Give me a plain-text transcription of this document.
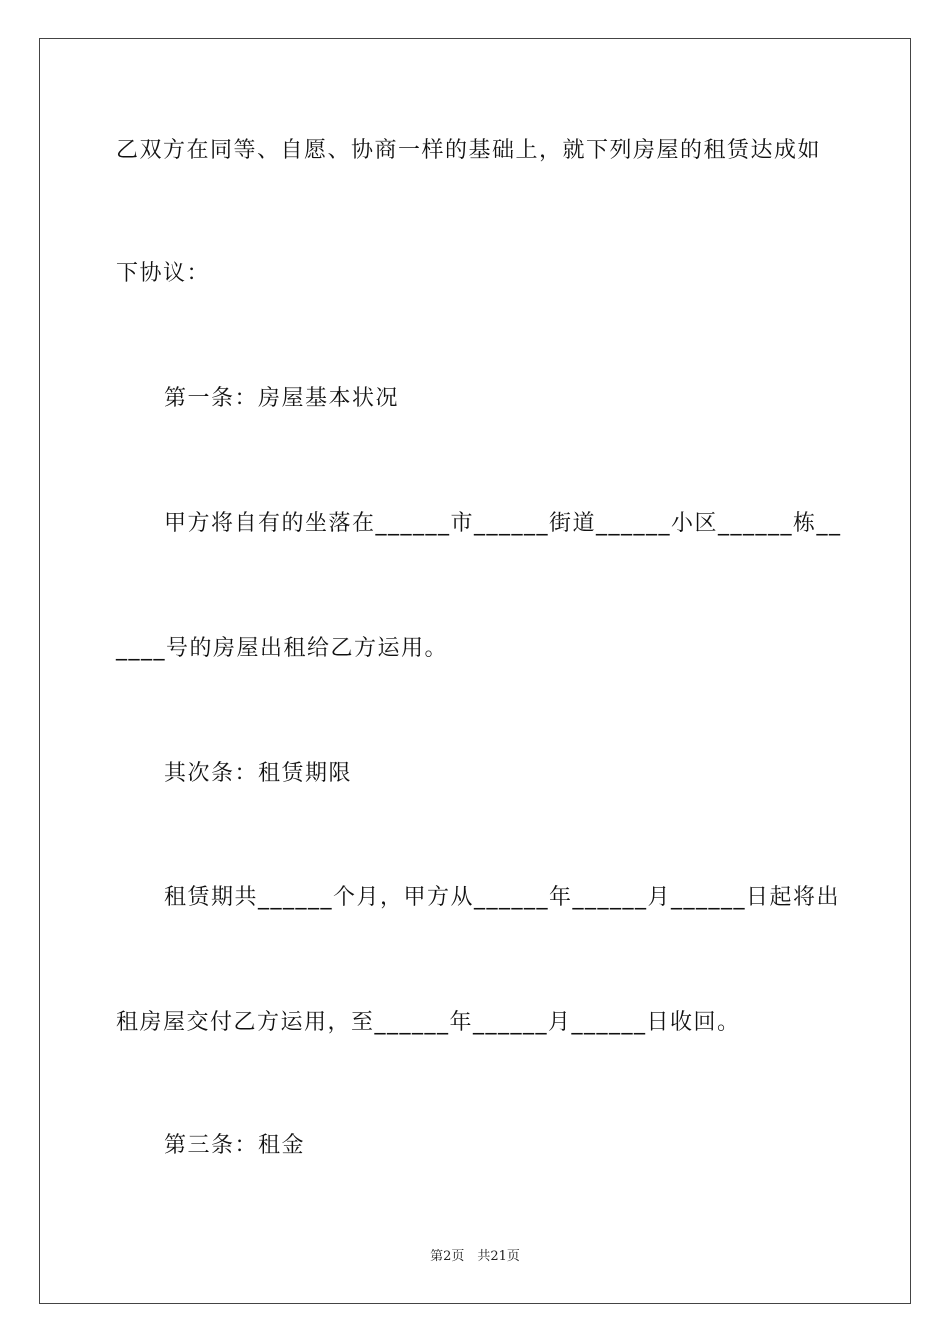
乙双方在同等、自愿、协商一样的基础上，就下列房屋的租赁达成如
下协议：
第一条：房屋基本状况
甲方将自有的坐落在______市______街道______小区______栋__
____号的房屋出租给乙方运用。
其次条：租赁期限
租赁期共______个月，甲方从______年______月______日起将出
租房屋交付乙方运用，至______年______月______日收回。
第三条：租金
第2页　共21页
